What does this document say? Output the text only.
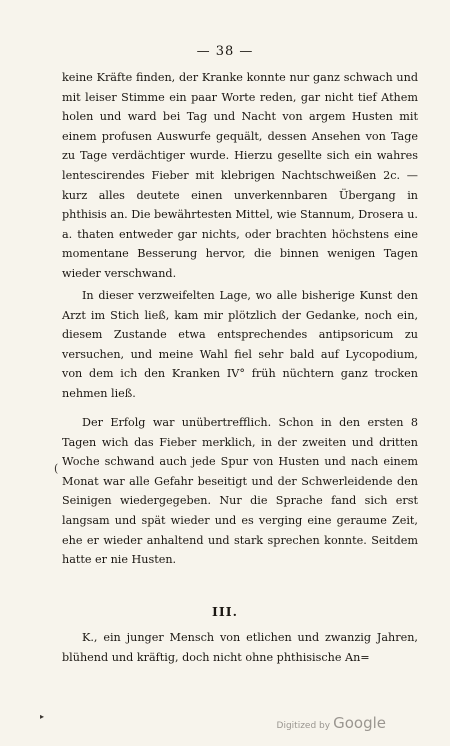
— 38 —

keine Kräfte finden, der Kranke konnte nur ganz schwach und mit leiser Stimme ein paar Worte reden, gar nicht tief Athem holen und ward bei Tag und Nacht von argem Husten mit einem profusen Auswurfe gequält, dessen Ansehen von Tage zu Tage verdächtiger wurde. Hierzu gesellte sich ein wahres lentescirendes Fieber mit klebrigen Nachtschweißen 2c. — kurz alles deutete einen unverkennbaren Übergang in phthisis an. Die bewährtesten Mittel, wie Stannum, Drosera u. a. thaten entweder gar nichts, oder brachten höchstens eine momentane Besserung hervor, die binnen wenigen Tagen wieder verschwand.

In dieser verzweifelten Lage, wo alle bisherige Kunst den Arzt im Stich ließ, kam mir plötzlich der Gedanke, noch ein, diesem Zustande etwa entsprechendes antipsoricum zu versuchen, und meine Wahl fiel sehr bald auf Lycopodium, von dem ich den Kranken IV° früh nüchtern ganz trocken nehmen ließ.

Der Erfolg war unübertrefflich. Schon in den ersten 8 Tagen wich das Fieber merklich, in der zweiten und dritten Woche schwand auch jede Spur von Husten und nach einem Monat war alle Gefahr beseitigt und der Schwerleidende den Seinigen wiedergegeben. Nur die Sprache fand sich erst langsam und spät wieder und es verging eine geraume Zeit, ehe er wieder anhaltend und stark sprechen konnte. Seitdem hatte er nie Husten.

(
III.

K., ein junger Mensch von etlichen und zwanzig Jahren, blühend und kräftig, doch nicht ohne phthisische An=

▸
Digitized by Google
